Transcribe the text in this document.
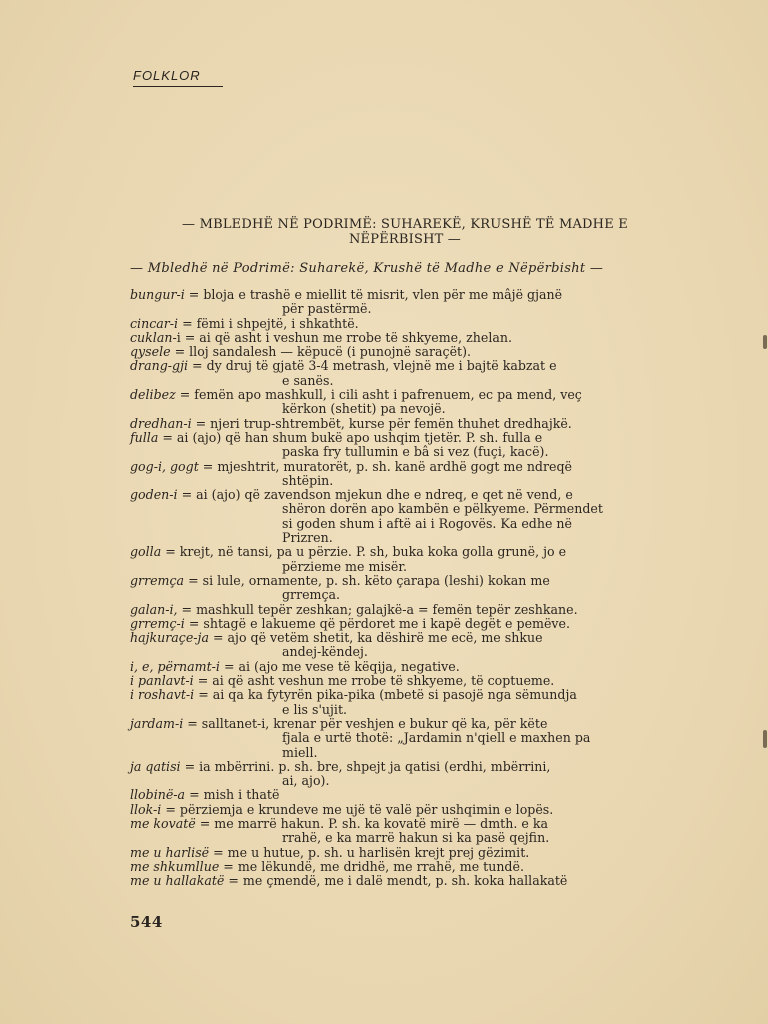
FOLKLOR
— MBLEDHË NË PODRIMË: SUHAREKË, KRUSHË TË MADHE E NËPËRBISHT —
— Mbledhë në Podrimë: Suharekë, Krushë të Madhe e Nëpërbisht —
bungur-i = bloja e trashë e miellit të misrit, vlen për me mâjë gjanë
për pastërmë.
cincar-i = fëmi i shpejtë, i shkathtë.
cuklan-i = ai që asht i veshun me rrobe të shkyeme, zhelan.
qysele = lloj sandalesh — këpucë (i punojnë saraçët).
drang-gji = dy druj të gjatë 3-4 metrash, vlejnë me i bajtë kabzat e
e sanës.
delibez = femën apo mashkull, i cili asht i pafrenuem, ec pa mend, veç
kërkon (shetit) pa nevojë.
dredhan-i = njeri trup-shtrembët, kurse për femën thuhet dredhajkë.
fulla = ai (ajo) që han shum bukë apo ushqim tjetër. P. sh. fulla e
paska fry tullumin e bâ si vez (fuçi, kacë).
gog-i, gogt = mjeshtrit, muratorët, p. sh. kanë ardhë gogt me ndreqë
shtëpin.
goden-i = ai (ajo) që zavendson mjekun dhe e ndreq, e qet në vend, e
shëron dorën apo kambën e pëlkyeme. Përmendet
si goden shum i aftë ai i Rogovës. Ka edhe në
Prizren.
golla = krejt, në tansi, pa u përzie. P. sh, buka koka golla grunë, jo e
përzieme me misër.
grremça = si lule, ornamente, p. sh. këto çarapa (leshi) kokan me
grremça.
galan-i, = mashkull tepër zeshkan; galajkë-a = femën tepër zeshkane.
grremç-i = shtagë e lakueme që përdoret me i kapë degët e pemëve.
hajkuraçe-ja = ajo që vetëm shetit, ka dëshirë me ecë, me shkue
andej-këndej.
i, e, përnamt-i = ai (ajo me vese të këqija, negative.
i panlavt-i = ai që asht veshun me rrobe të shkyeme, të coptueme.
i roshavt-i = ai qa ka fytyrën pika-pika (mbetë si pasojë nga sëmundja
e lis s'ujit.
jardam-i = salltanet-i, krenar për veshjen e bukur që ka, për këte
fjala e urtë thotë: „Jardamin n'qiell e maxhen pa
miell.
ja qatisi = ia mbërrini. p. sh. bre, shpejt ja qatisi (erdhi, mbërrini,
ai, ajo).
llobinë-a = mish i thatë
llok-i = përziemja e krundeve me ujë të valë për ushqimin e lopës.
me kovatë = me marrë hakun. P. sh. ka kovatë mirë — dmth. e ka
rrahë, e ka marrë hakun si ka pasë qejfin.
me u harlisë = me u hutue, p. sh. u harlisën krejt prej gëzimit.
me shkumllue = me lëkundë, me dridhë, me rrahë, me tundë.
me u hallakatë = me çmendë, me i dalë mendt, p. sh. koka hallakatë
544
